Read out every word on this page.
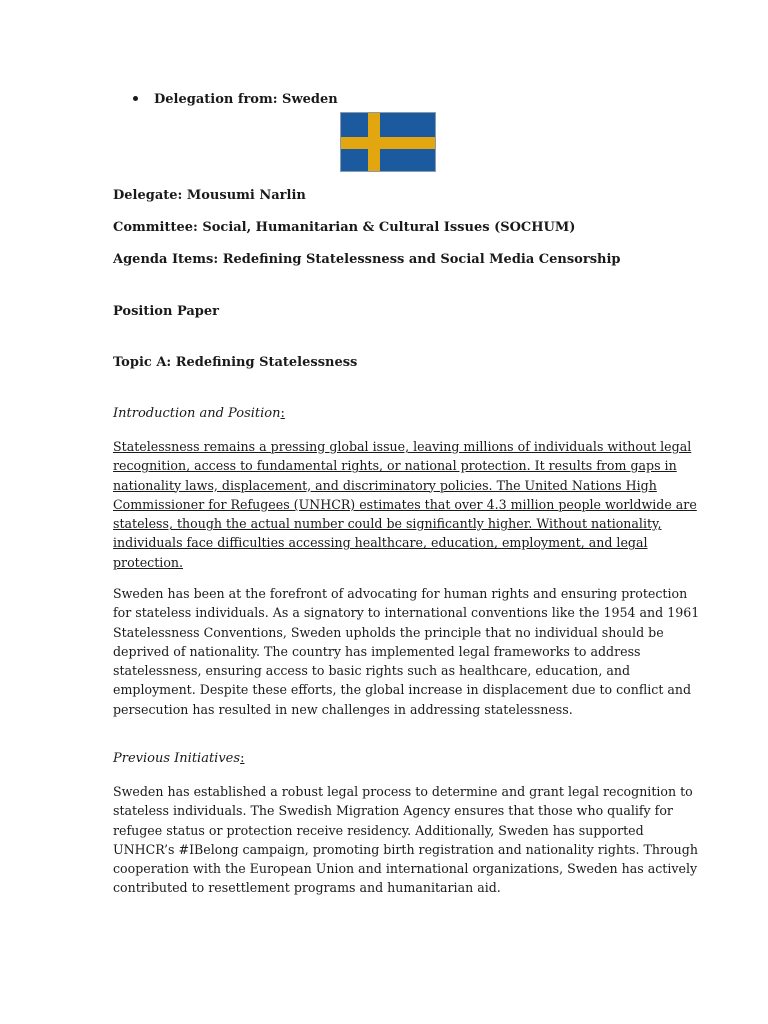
Delegation from: Sweden
Delegate: Mousumi Narlin
Committee: Social, Humanitarian & Cultural Issues (SOCHUM)
Agenda Items: Redefining Statelessness and Social Media Censorship
Position Paper
Topic A: Redefining Statelessness
Introduction and Position:
Statelessness remains a pressing global issue, leaving millions of individuals without legal
recognition, access to fundamental rights, or national protection. It results from gaps in
nationality laws, displacement, and discriminatory policies. The United Nations High
Commissioner for Refugees (UNHCR) estimates that over 4.3 million people worldwide are
stateless, though the actual number could be significantly higher. Without nationality,
individuals face difficulties accessing healthcare, education, employment, and legal
protection.
Sweden has been at the forefront of advocating for human rights and ensuring protection
for stateless individuals. As a signatory to international conventions like the 1954 and 1961
Statelessness Conventions, Sweden upholds the principle that no individual should be
deprived of nationality. The country has implemented legal frameworks to address
statelessness, ensuring access to basic rights such as healthcare, education, and
employment. Despite these efforts, the global increase in displacement due to conflict and
persecution has resulted in new challenges in addressing statelessness.
Previous Initiatives:
Sweden has established a robust legal process to determine and grant legal recognition to
stateless individuals. The Swedish Migration Agency ensures that those who qualify for
refugee status or protection receive residency. Additionally, Sweden has supported
UNHCR’s #IBelong campaign, promoting birth registration and nationality rights. Through
cooperation with the European Union and international organizations, Sweden has actively
contributed to resettlement programs and humanitarian aid.
